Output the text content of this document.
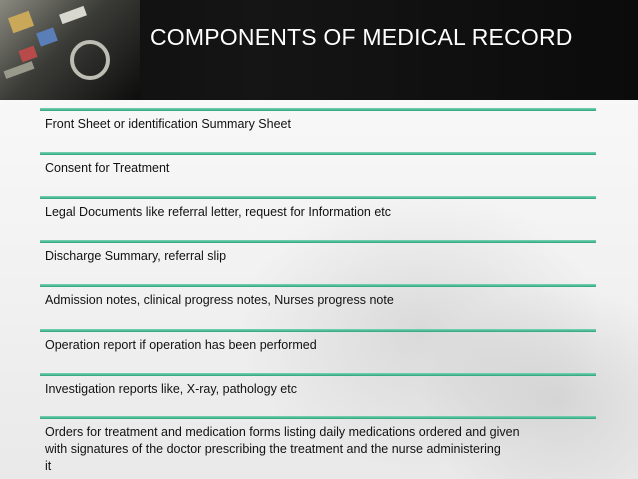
COMPONENTS OF MEDICAL RECORD
Front Sheet or identification Summary Sheet
Consent for Treatment
Legal Documents like referral letter, request for Information etc
Discharge Summary, referral slip
Admission notes, clinical progress notes, Nurses progress note
Operation report if operation has been performed
Investigation reports like, X-ray, pathology etc
Orders for treatment and medication forms listing daily medications ordered and given
with signatures of the doctor prescribing the treatment and the nurse administering
it
